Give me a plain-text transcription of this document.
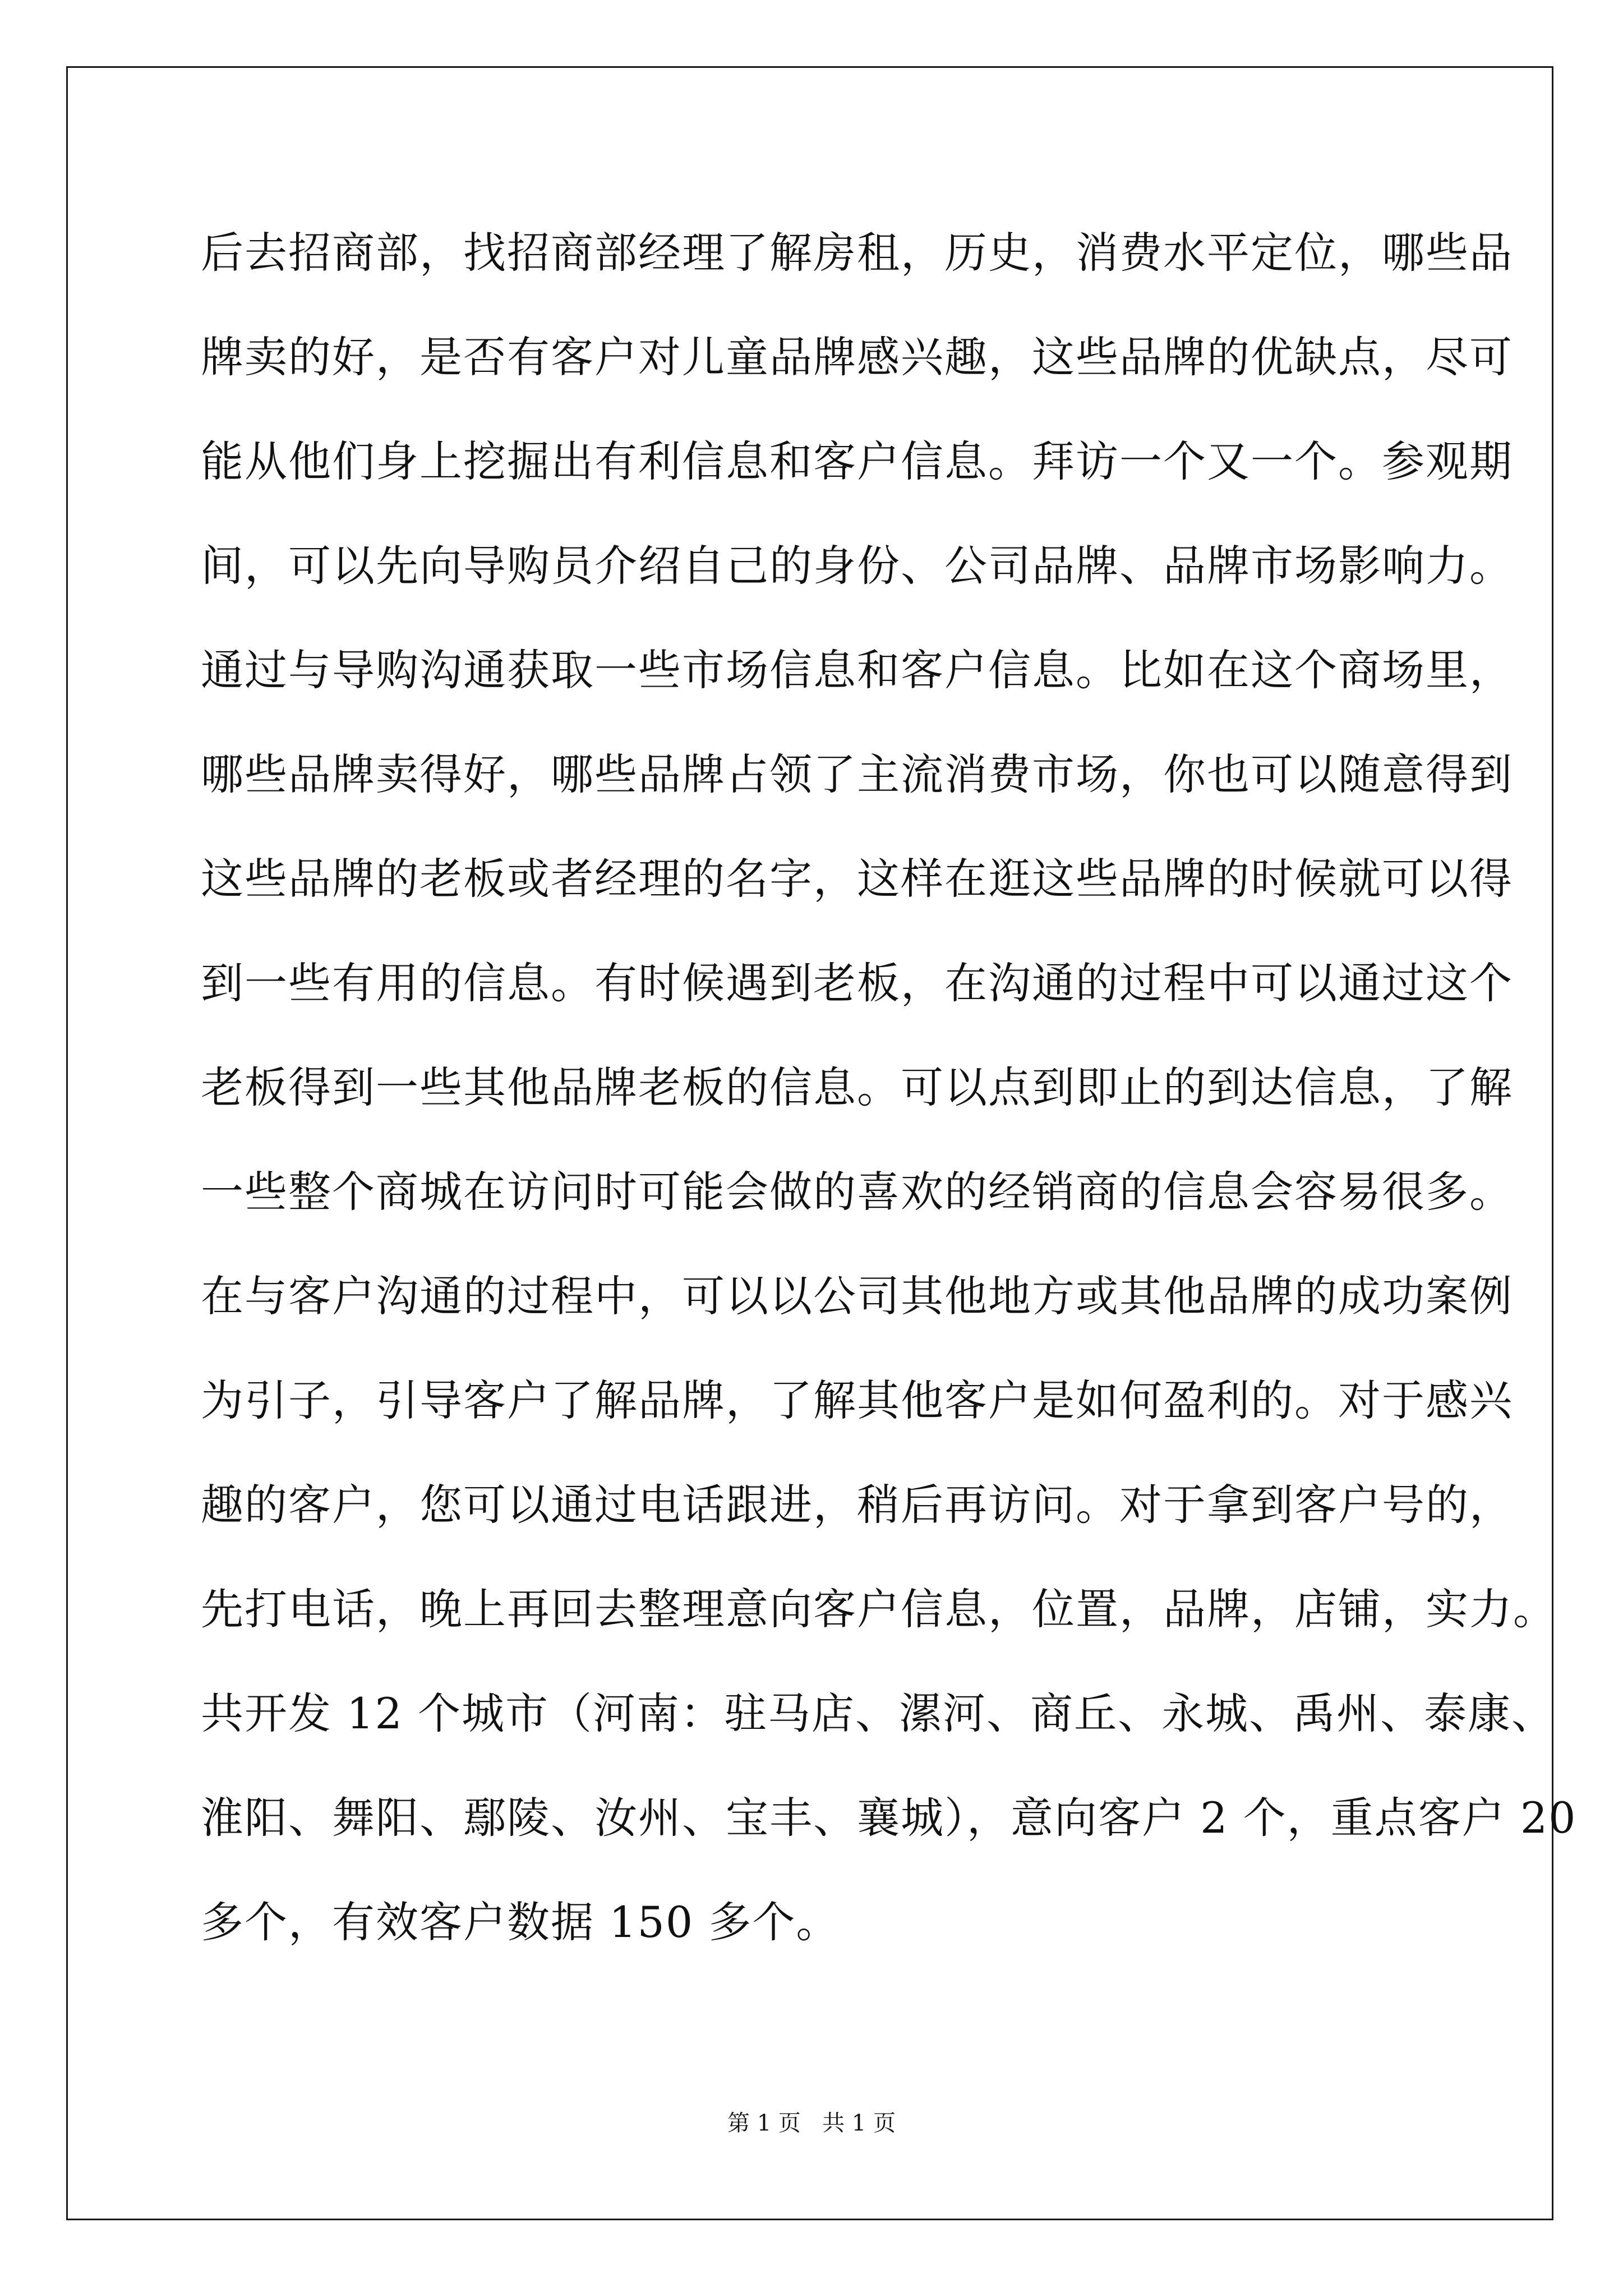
后去招商部，找招商部经理了解房租，历史，消费水平定位，哪些品
牌卖的好，是否有客户对儿童品牌感兴趣，这些品牌的优缺点，尽可
能从他们身上挖掘出有利信息和客户信息。拜访一个又一个。参观期
间，可以先向导购员介绍自己的身份、公司品牌、品牌市场影响力。
通过与导购沟通获取一些市场信息和客户信息。比如在这个商场里，
哪些品牌卖得好，哪些品牌占领了主流消费市场，你也可以随意得到
这些品牌的老板或者经理的名字，这样在逛这些品牌的时候就可以得
到一些有用的信息。有时候遇到老板，在沟通的过程中可以通过这个
老板得到一些其他品牌老板的信息。可以点到即止的到达信息，了解
一些整个商城在访问时可能会做的喜欢的经销商的信息会容易很多。
在与客户沟通的过程中，可以以公司其他地方或其他品牌的成功案例
为引子，引导客户了解品牌，了解其他客户是如何盈利的。对于感兴
趣的客户，您可以通过电话跟进，稍后再访问。对于拿到客户号的，
先打电话，晚上再回去整理意向客户信息，位置，品牌，店铺，实力。
共开发 12 个城市（河南：驻马店、漯河、商丘、永城、禹州、泰康、
淮阳、舞阳、鄢陵、汝州、宝丰、襄城），意向客户 2 个，重点客户 20
多个，有效客户数据 150 多个。
第 1 页   共 1 页
